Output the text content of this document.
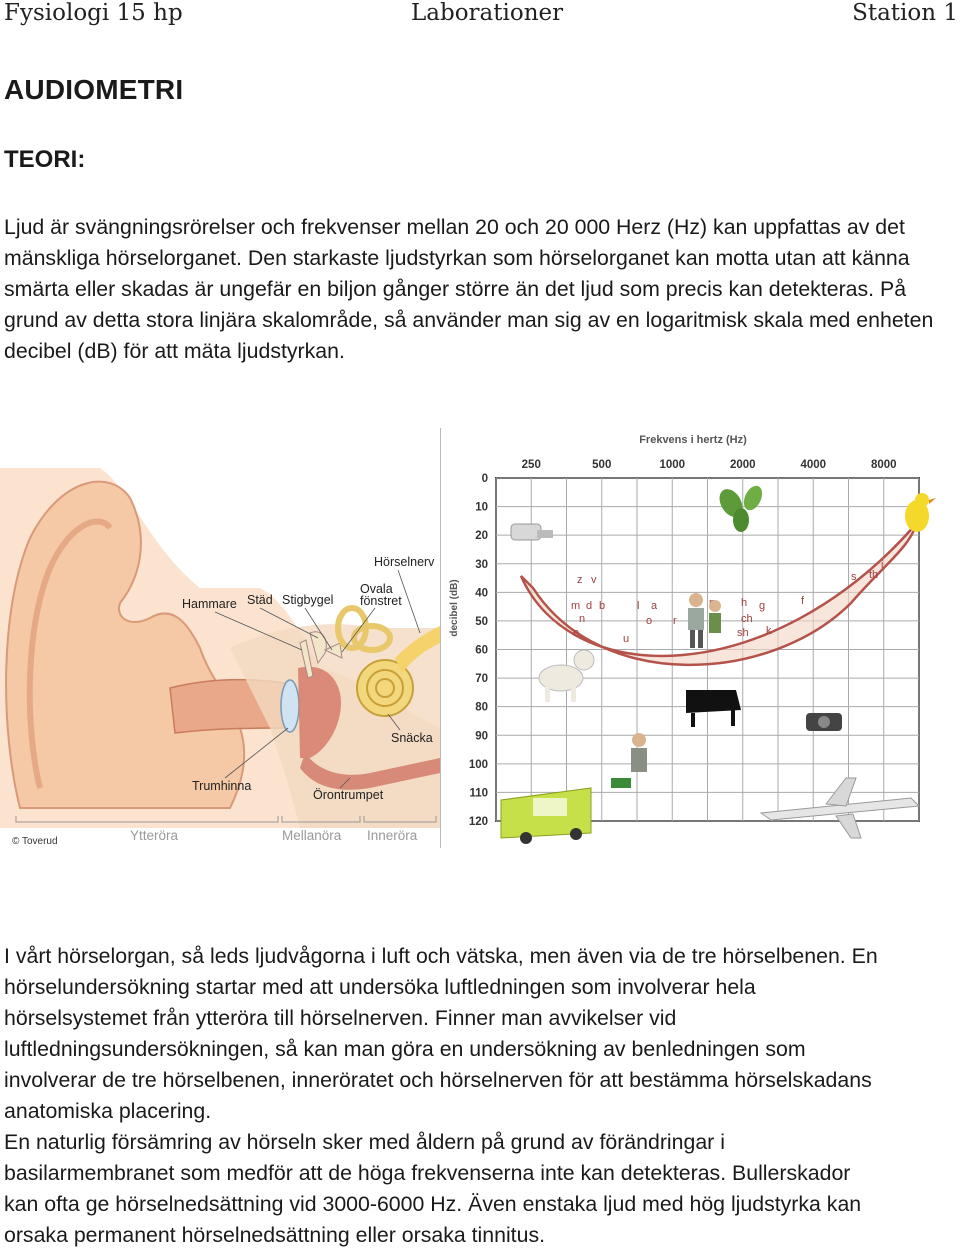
Fysiologi 15 hp	Laborationer	Station 1
AUDIOMETRI
TEORI:

Ljud är svängningsrörelser och frekvenser mellan 20 och 20 000 Herz (Hz) kan uppfattas av det mänskliga hörselorganet. Den starkaste ljudstyrkan som hörselorganet kan motta utan att känna smärta eller skadas är ungefär en biljon gånger större än det ljud som precis kan detekteras. På grund av detta stora linjära skalområde, så använder man sig av en logaritmisk skala med enheten decibel (dB) för att mäta ljudstyrkan.

Hörselnerv
Hammare Städ Stigbygel
Ovala
fönstret
Snäcka
Trumhinna
Örontrumpet
© Toverud	Ytteröra	Mellanöra Inneröra
Frekvens i hertz (Hz)
decibel (dB)
250	500	1000	2000	4000	8000
0
10
20
30
40
50
60
70
80
90
100
110
120
z v
m d b
n
e
l a
o r
u
h g
ch
sh k
f
s th
i

I vårt hörselorgan, så leds ljudvågorna i luft och vätska, men även via de tre hörselbenen. En
hörselundersökning startar med att undersöka luftledningen som involverar hela
hörselsystemet från ytteröra till hörselnerven. Finner man avvikelser vid
luftledningsundersökningen, så kan man göra en undersökning av benledningen som
involverar de tre hörselbenen, inneröratet och hörselnerven för att bestämma hörselskadans
anatomiska placering.

En naturlig försämring av hörseln sker med åldern på grund av förändringar i
basilarmembranet som medför att de höga frekvenserna inte kan detekteras. Bullerskador
kan ofta ge hörselnedsättning vid 3000-6000 Hz. Även enstaka ljud med hög ljudstyrka kan
orsaka permanent hörselnedsättning eller orsaka tinnitus.
